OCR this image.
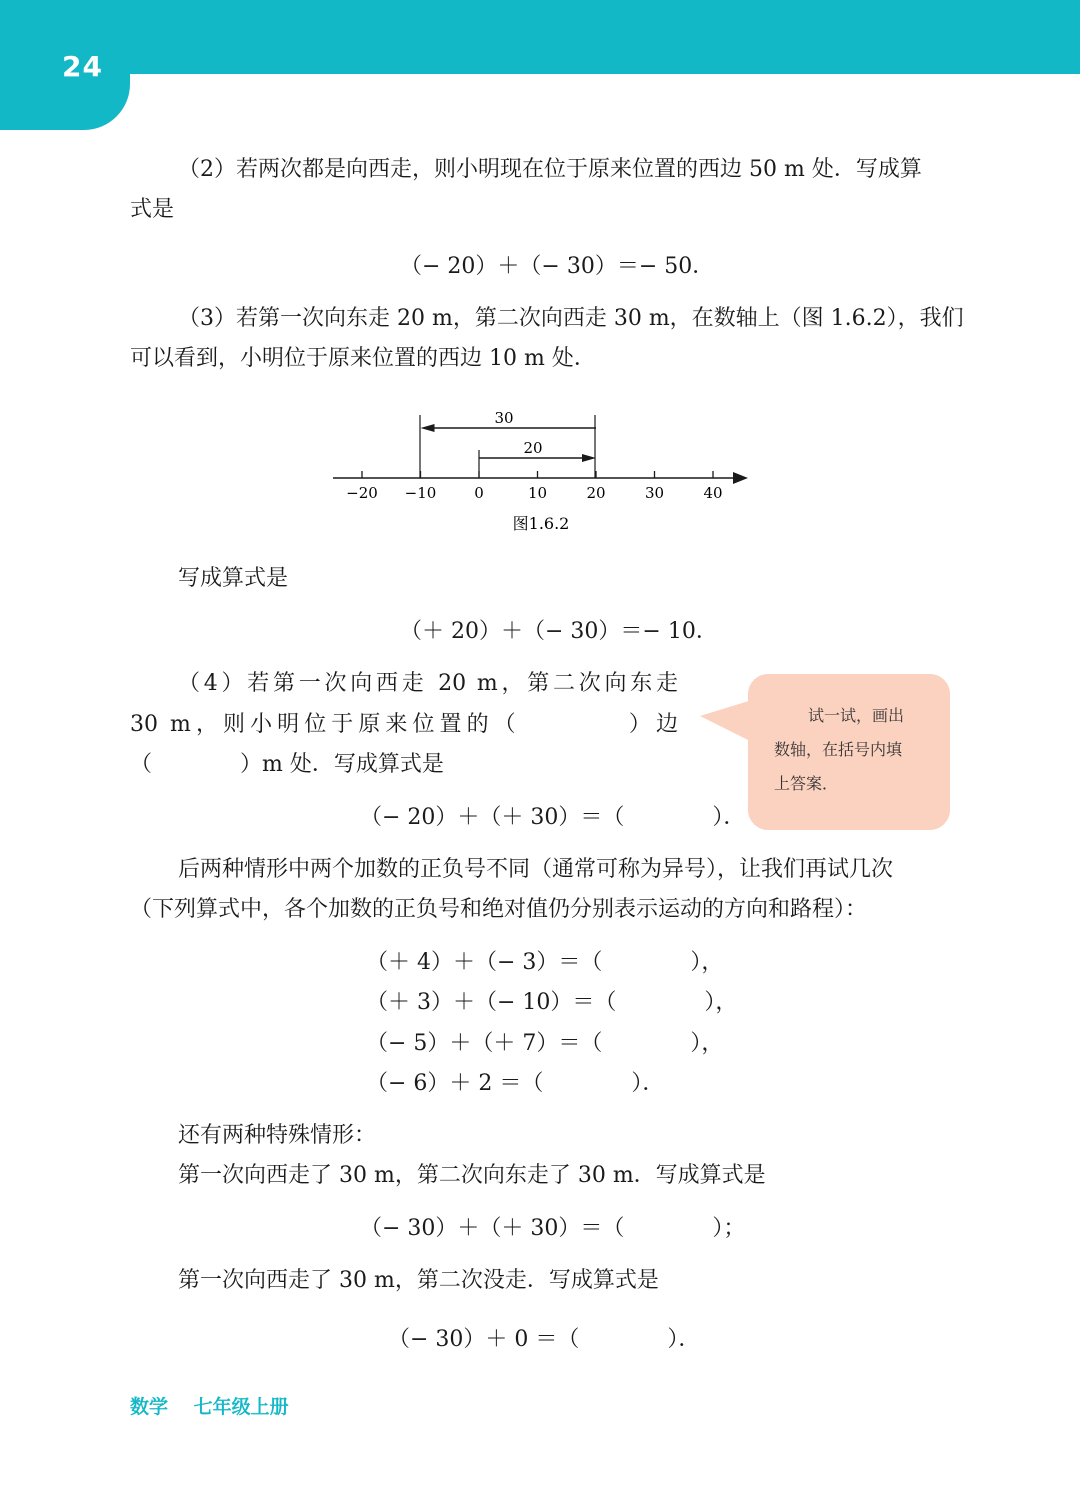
24
（2）若两次都是向西走，则小明现在位于原来位置的西边 50 m 处．写成算
式是
（− 20）＋（− 30）＝− 50．
（3）若第一次向东走 20 m，第二次向西走 30 m，在数轴上（图 1.6.2），我们
可以看到，小明位于原来位置的西边 10 m 处．
30
20
−20 −10	0	10	20	30	40
图1.6.2
写成算式是
（＋ 20）＋（− 30）＝− 10．
（4）若第一次向西走 20 m，第二次向东走
30 m，则小明位于原来位置的（　　　　）边
（　　　　）m 处．写成算式是
（− 20）＋（＋ 30）＝（　　　　）．
试一试，画出
数轴，在括号内填
上答案．
后两种情形中两个加数的正负号不同（通常可称为异号），让我们再试几次
（下列算式中，各个加数的正负号和绝对值仍分别表示运动的方向和路程）：
（＋ 4）＋（− 3）＝（　　　　），
（＋ 3）＋（− 10）＝（　　　　），
（− 5）＋（＋ 7）＝（　　　　），
（− 6）＋ 2 ＝（　　　　）．
还有两种特殊情形：
第一次向西走了 30 m，第二次向东走了 30 m．写成算式是
（− 30）＋（＋ 30）＝（　　　　）；
第一次向西走了 30 m，第二次没走．写成算式是
（− 30）＋ 0 ＝（　　　　）．
数学　 七年级上册
